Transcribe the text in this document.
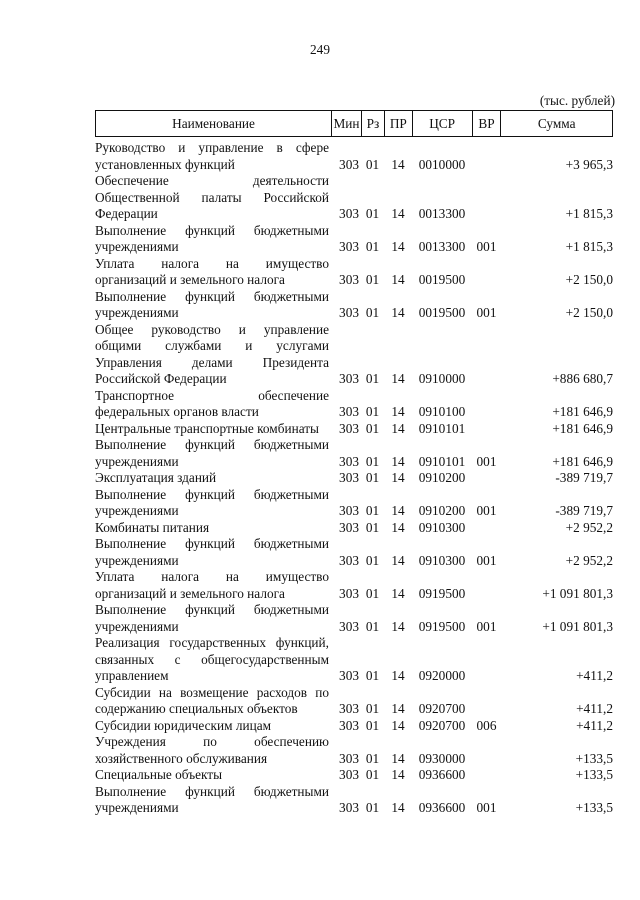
249
(тыс. рублей)
Наименование	Мин Рз ПР	ЦСР	ВР	Сумма
Руководство и управление в сфере
установленных функций	303 01 14	0010000	+3 965,3
Обеспечение деятельности
Общественной палаты Российской
Федерации	303 01 14	0013300	+1 815,3
Выполнение функций бюджетными
учреждениями	303 01 14	0013300 001	+1 815,3
Уплата налога на имущество
организаций и земельного налога	303 01 14	0019500	+2 150,0
Выполнение функций бюджетными
учреждениями	303 01 14	0019500 001	+2 150,0
Общее руководство и управление
общими службами и услугами
Управления делами Президента
Российской Федерации	303 01 14	0910000	+886 680,7
Транспортное обеспечение
федеральных органов власти	303 01 14	0910100	+181 646,9
Центральные транспортные комбинаты	303 01 14	0910101	+181 646,9
Выполнение функций бюджетными
учреждениями	303 01 14	0910101 001	+181 646,9
Эксплуатация зданий	303 01 14	0910200	-389 719,7
Выполнение функций бюджетными
учреждениями	303 01 14	0910200 001	-389 719,7
Комбинаты питания	303 01 14	0910300	+2 952,2
Выполнение функций бюджетными
учреждениями	303 01 14	0910300 001	+2 952,2
Уплата налога на имущество
организаций и земельного налога	303 01 14	0919500	+1 091 801,3
Выполнение функций бюджетными
учреждениями	303 01 14	0919500 001	+1 091 801,3
Реализация государственных функций,
связанных с общегосударственным
управлением	303 01 14	0920000	+411,2
Субсидии на возмещение расходов по
содержанию специальных объектов	303 01 14	0920700	+411,2
Субсидии юридическим лицам	303 01 14	0920700 006	+411,2
Учреждения по обеспечению
хозяйственного обслуживания	303 01 14	0930000	+133,5
Специальные объекты	303 01 14	0936600	+133,5
Выполнение функций бюджетными
учреждениями	303 01 14	0936600 001	+133,5
